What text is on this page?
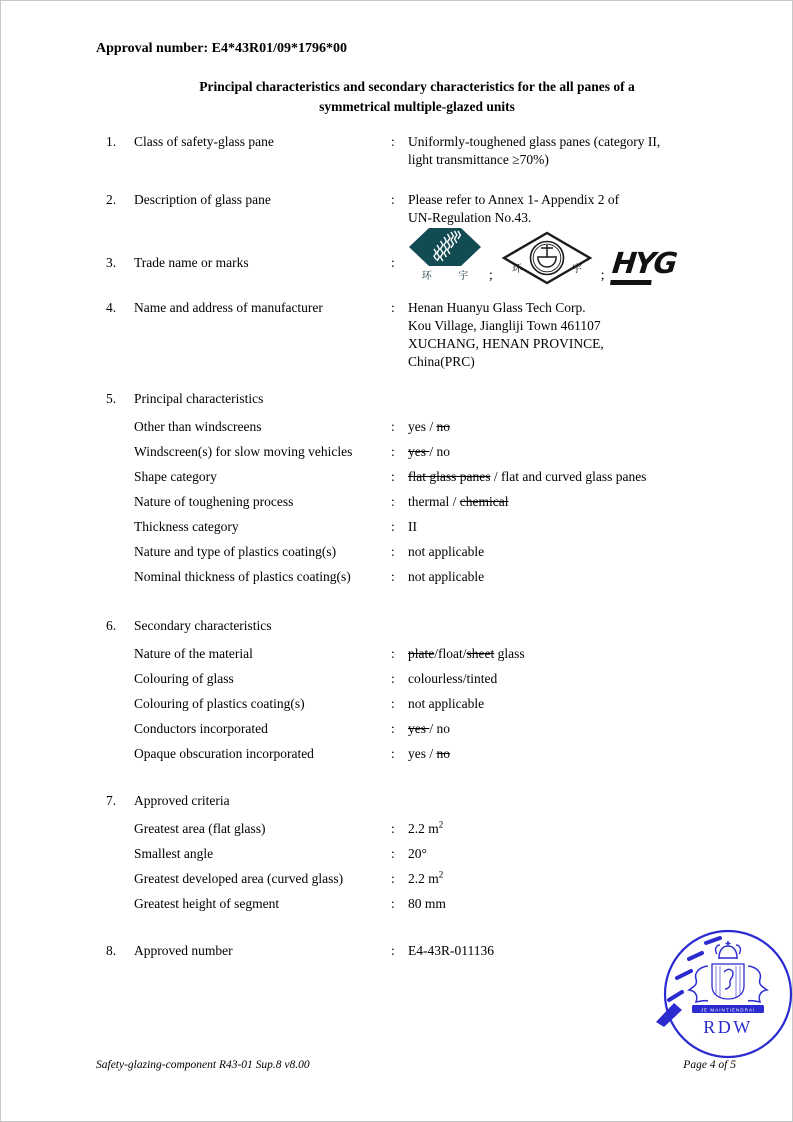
Approval number: E4*43R01/09*1796*00
Principal characteristics and secondary characteristics for the all panes of a
symmetrical multiple-glazed units
1.	Class of safety-glass pane	: Uniformly-toughened glass panes (category II,
light transmittance ≥70%)
2.	Description of glass pane	: Please refer to Annex 1- Appendix 2 of
UN-Regulation No.43.
3.	Trade name or marks	:
环 宇 ; 环	宇 ; HYG
4.	Name and address of manufacturer	: Henan Huanyu Glass Tech Corp.
Kou Village, Jiangliji Town 461107
XUCHANG, HENAN PROVINCE,
China(PRC)
5.	Principal characteristics
Other than windscreens	: yes / no
Windscreen(s) for slow moving vehicles	: yes / no
Shape category	: flat glass panes / flat and curved glass panes
Nature of toughening process	: thermal / chemical
Thickness category	: II
Nature and type of plastics coating(s)	: not applicable
Nominal thickness of plastics coating(s)	: not applicable
6.	Secondary characteristics
Nature of the material	: plate/float/sheet glass
Colouring of glass	: colourless/tinted
Colouring of plastics coating(s)	: not applicable
Conductors incorporated	: yes / no
Opaque obscuration incorporated	: yes / no
7.	Approved criteria
Greatest area (flat glass)	: 2.2 $m^2$
Smallest angle	: 20°
Greatest developed area (curved glass)	: 2.2 $m^2$
Greatest height of segment	: 80 mm
8.	Approved number	: E4-43R-011136
JE MAINTIENDRAI
RDW
Safety-glazing-component R43-01 Sup.8 v8.00	Page 4 of 5
